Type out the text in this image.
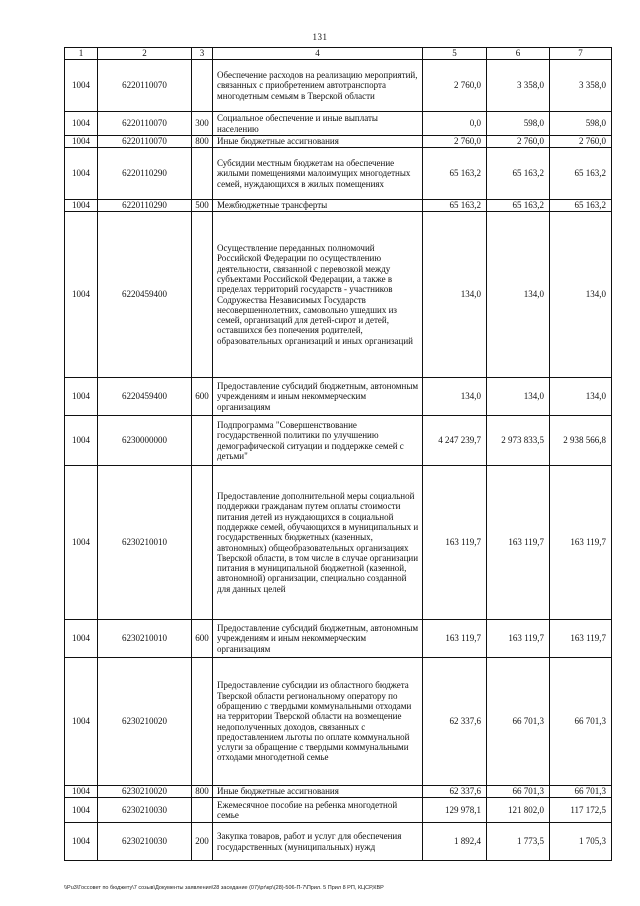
131
1	2	3	4	5	6	7
1004	6220110070		Обеспечение расходов на реализацию мероприятий, связанных с приобретением автотранспорта многодетным семьям в Тверской области	2 760,0	3 358,0	3 358,0
1004	6220110070	300	Социальное обеспечение и иные выплаты населению	0,0	598,0	598,0
1004	6220110070	800	Иные бюджетные ассигнования	2 760,0	2 760,0	2 760,0
1004	6220110290		Субсидии местным бюджетам на обеспечение жилыми помещениями малоимущих многодетных семей, нуждающихся в жилых помещениях	65 163,2	65 163,2	65 163,2
1004	6220110290	500	Межбюджетные трансферты	65 163,2	65 163,2	65 163,2
1004	6220459400		Осуществление переданных полномочий Российской Федерации по осуществлению деятельности, связанной с перевозкой между субъектами Российской Федерации, а также в пределах территорий государств - участников Содружества Независимых Государств несовершеннолетних, самовольно ушедших из семей, организаций для детей-сирот и детей, оставшихся без попечения родителей, образовательных организаций и иных организаций	134,0	134,0	134,0
1004	6220459400	600	Предоставление субсидий бюджетным, автономным учреждениям и иным некоммерческим организациям	134,0	134,0	134,0
1004	6230000000		Подпрограмма "Совершенствование государственной политики по улучшению демографической ситуации и поддержке семей с детьми"	4 247 239,7	2 973 833,5	2 938 566,8
1004	6230210010		Предоставление дополнительной меры социальной поддержки гражданам путем оплаты стоимости питания детей из нуждающихся в социальной поддержке семей, обучающихся в муниципальных и государственных бюджетных (казенных, автономных) общеобразовательных организациях Тверской области, в том числе в случае организации питания в муниципальной бюджетной (казенной, автономной) организации, специально созданной для данных целей	163 119,7	163 119,7	163 119,7
1004	6230210010	600	Предоставление субсидий бюджетным, автономным учреждениям и иным некоммерческим организациям	163 119,7	163 119,7	163 119,7
1004	6230210020		Предоставление субсидии из областного бюджета Тверской области региональному оператору по обращению с твердыми коммунальными отходами на территории Тверской области на возмещение недополученных доходов, связанных с предоставлением льготы по оплате коммунальной услуги за обращение с твердыми коммунальными отходами многодетной семье	62 337,6	66 701,3	66 701,3
1004	6230210020	800	Иные бюджетные ассигнования	62 337,6	66 701,3	66 701,3
1004	6230210030		Ежемесячное пособие на ребенка многодетной семье	129 978,1	121 802,0	117 172,5
1004	6230210030	200	Закупка товаров, работ и услуг для обеспечения государственных (муниципальных) нужд	1 892,4	1 773,5	1 705,3
\\Pu3\Госсовет по бюджету\7 созыв\Документы заявления\28 заседание (07)\pr\кр\(28)-506-П-7\Прил. 5 Прил 8 РП, КЦСР,КВР
